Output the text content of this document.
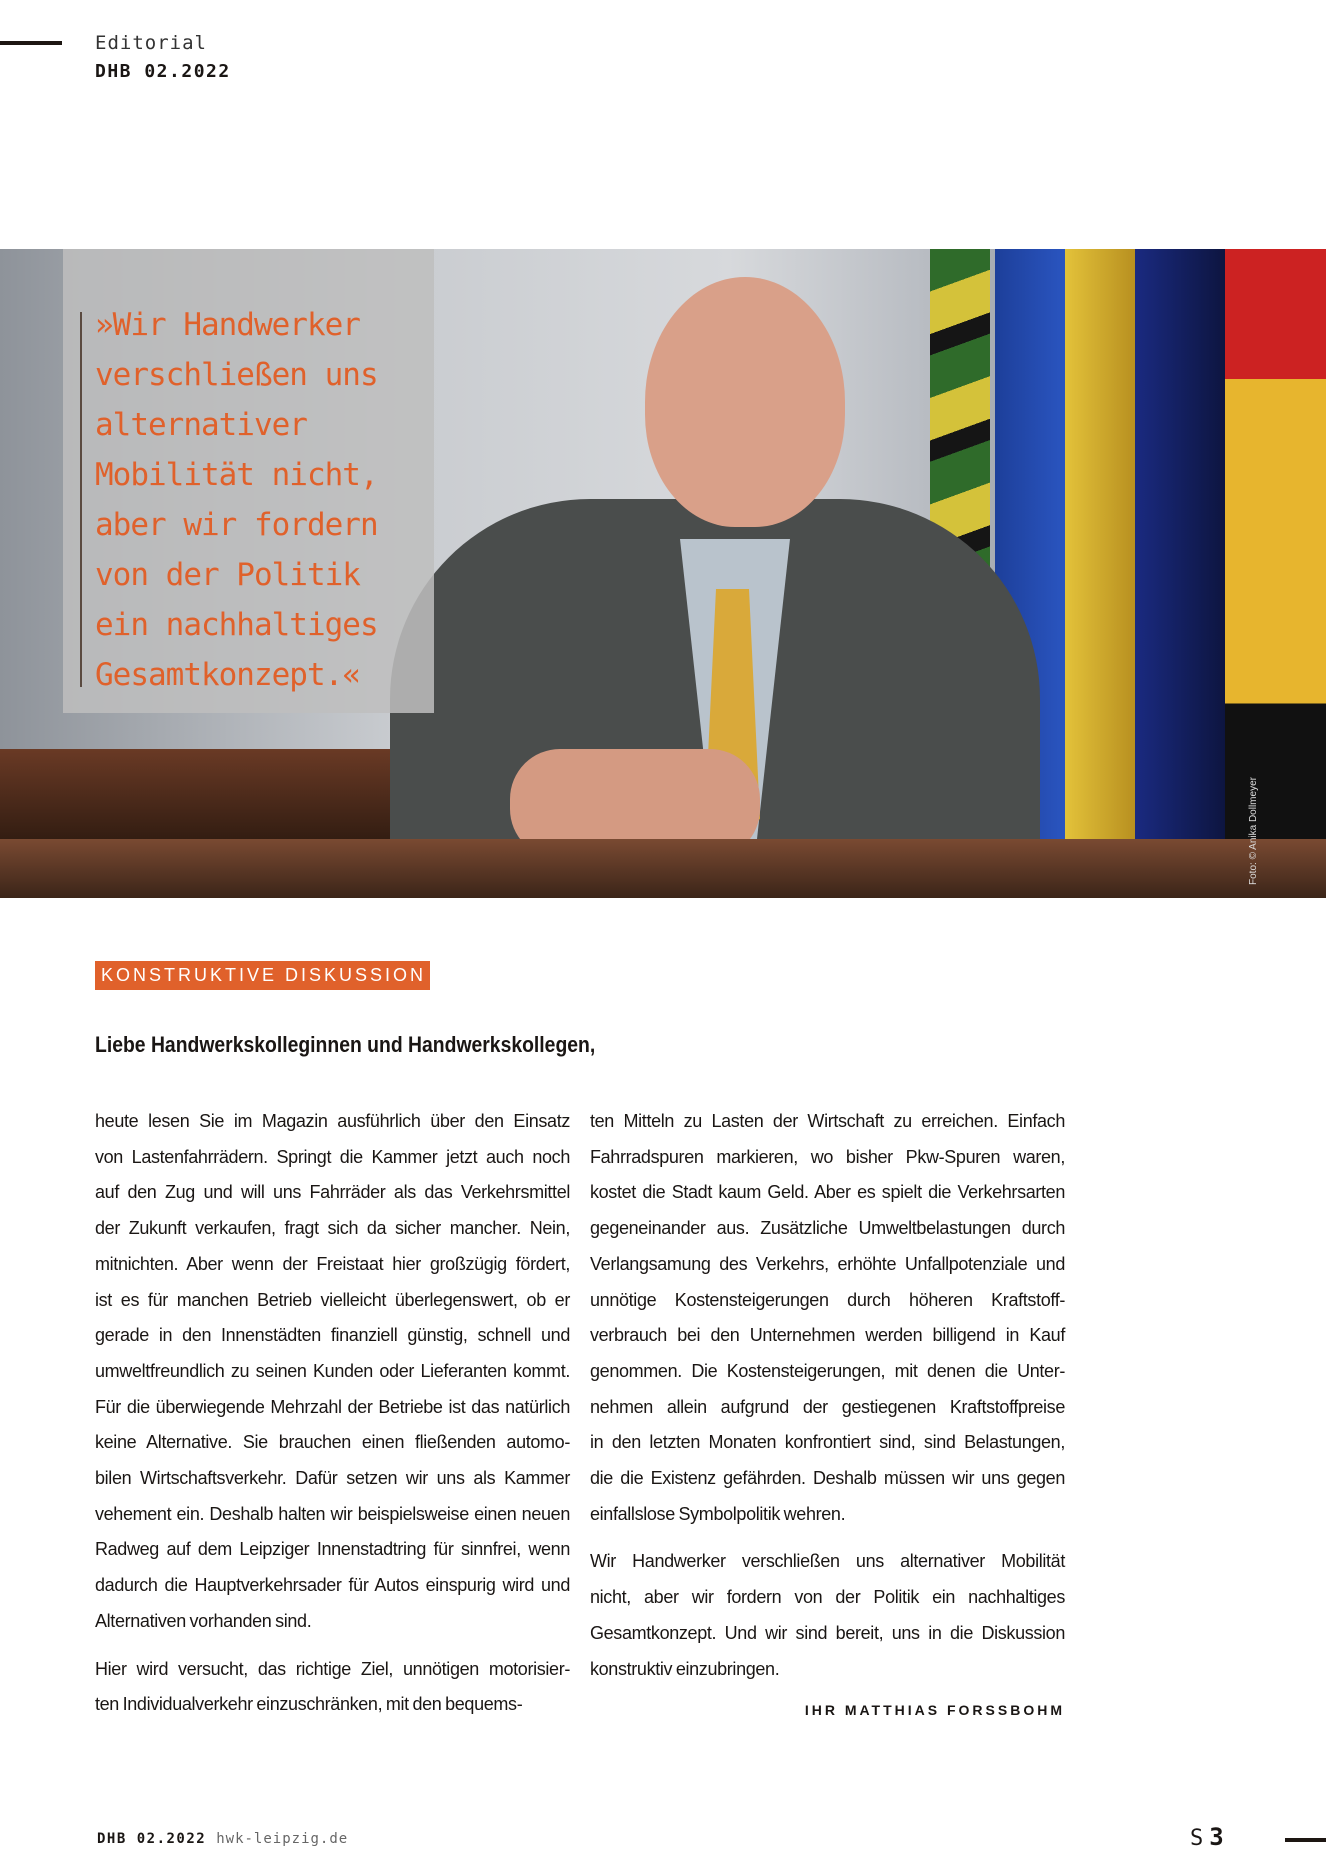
Editorial
DHB 02.2022
»Wir Handwerker
verschließen uns
alternativer
Mobilität nicht,
aber wir fordern
von der Politik
ein nachhaltiges
Gesamtkonzept.«
Foto: © Anika Dollmeyer
KONSTRUKTIVE DISKUSSION
Liebe Handwerkskolleginnen und Handwerkskollegen,
heute lesen Sie im Magazin ausführlich über den Einsatz
von Lastenfahrrädern. Springt die Kammer jetzt auch noch
auf den Zug und will uns Fahrräder als das Verkehrsmittel
der Zukunft verkaufen, fragt sich da sicher mancher. Nein,
mitnichten. Aber wenn der Freistaat hier großzügig fördert,
ist es für manchen Betrieb vielleicht überlegenswert, ob er
gerade in den Innenstädten finanziell günstig, schnell und
umweltfreundlich zu seinen Kunden oder Lieferanten kommt.
Für die überwiegende Mehrzahl der Betriebe ist das natürlich
keine Alternative. Sie brauchen einen fließenden automo-
bilen Wirtschaftsverkehr. Dafür setzen wir uns als Kammer
vehement ein. Deshalb halten wir beispielsweise einen neuen
Radweg auf dem Leipziger Innenstadtring für sinnfrei, wenn
dadurch die Hauptverkehrsader für Autos einspurig wird und
Alternativen vorhanden sind.
Hier wird versucht, das richtige Ziel, unnötigen motorisier-
ten Individualverkehr einzuschränken, mit den bequems-
ten Mitteln zu Lasten der Wirtschaft zu erreichen. Einfach
Fahrradspuren markieren, wo bisher Pkw-Spuren waren,
kostet die Stadt kaum Geld. Aber es spielt die Verkehrsarten
gegeneinander aus. Zusätzliche Umweltbelastungen durch
Verlangsamung des Verkehrs, erhöhte Unfallpotenziale und
unnötige Kostensteigerungen durch höheren Kraftstoff-
verbrauch bei den Unternehmen werden billigend in Kauf
genommen. Die Kostensteigerungen, mit denen die Unter-
nehmen allein aufgrund der gestiegenen Kraftstoffpreise
in den letzten Monaten konfrontiert sind, sind Belastungen,
die die Existenz gefährden. Deshalb müssen wir uns gegen
einfallslose Symbolpolitik wehren.
Wir Handwerker verschließen uns alternativer Mobilität
nicht, aber wir fordern von der Politik ein nachhaltiges
Gesamtkonzept. Und wir sind bereit, uns in die Diskussion
konstruktiv einzubringen.
IHR MATTHIAS FORSSBOHM
DHB 02.2022 hwk-leipzig.de	S 3
